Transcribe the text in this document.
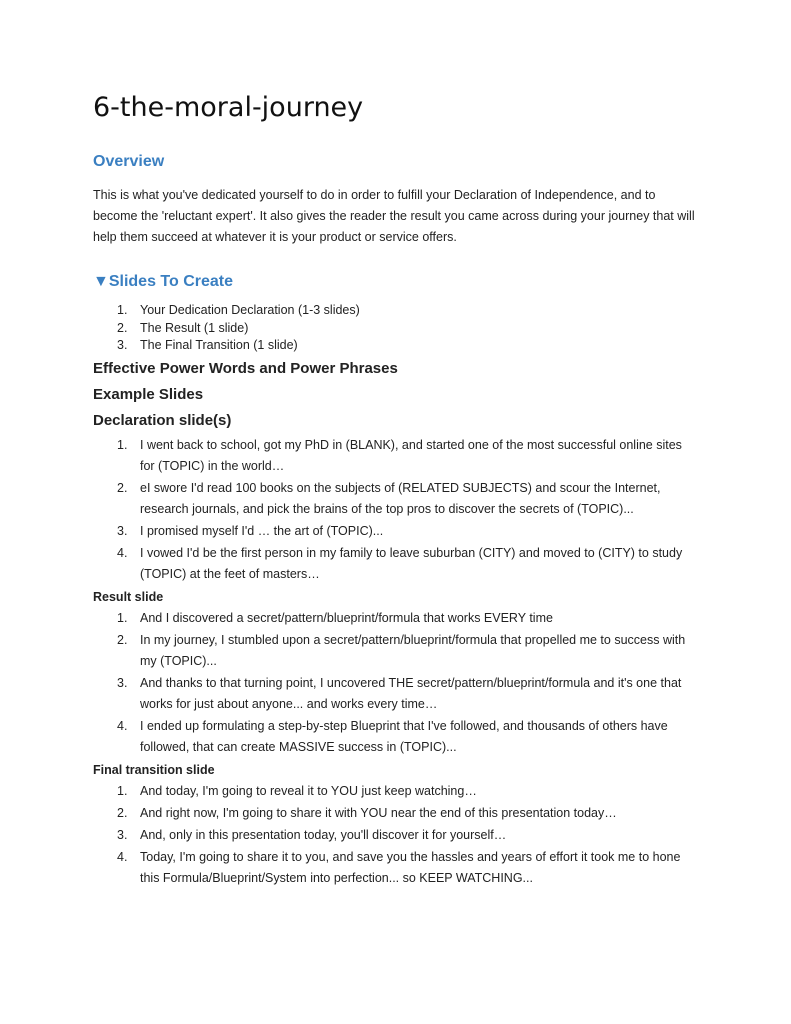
6-the-moral-journey
Overview

This is what you've dedicated yourself to do in order to fulfill your Declaration of Independence, and to become the 'reluctant expert'. It also gives the reader the result you came across during your journey that will help them succeed at whatever it is your product or service offers.

▼Slides To Create
1. Your Dedication Declaration (1-3 slides)
2. The Result (1 slide)
3. The Final Transition (1 slide)
Effective Power Words and Power Phrases
Example Slides
Declaration slide(s)
1. I went back to school, got my PhD in (BLANK), and started one of the most successful online sites for (TOPIC) in the world…
2. eI swore I'd read 100 books on the subjects of (RELATED SUBJECTS) and scour the Internet, research journals, and pick the brains of the top pros to discover the secrets of (TOPIC)...
3. I promised myself I'd … the art of (TOPIC)...
4. I vowed I'd be the first person in my family to leave suburban (CITY) and moved to (CITY) to study (TOPIC) at the feet of masters…
Result slide
1. And I discovered a secret/pattern/blueprint/formula that works EVERY time
2. In my journey, I stumbled upon a secret/pattern/blueprint/formula that propelled me to success with my (TOPIC)...
3. And thanks to that turning point, I uncovered THE secret/pattern/blueprint/formula and it's one that works for just about anyone... and works every time…
4. I ended up formulating a step-by-step Blueprint that I've followed, and thousands of others have followed, that can create MASSIVE success in (TOPIC)...
Final transition slide
1. And today, I'm going to reveal it to YOU just keep watching…
2. And right now, I'm going to share it with YOU near the end of this presentation today…
3. And, only in this presentation today, you'll discover it for yourself…
4. Today, I'm going to share it to you, and save you the hassles and years of effort it took me to hone this Formula/Blueprint/System into perfection... so KEEP WATCHING...
